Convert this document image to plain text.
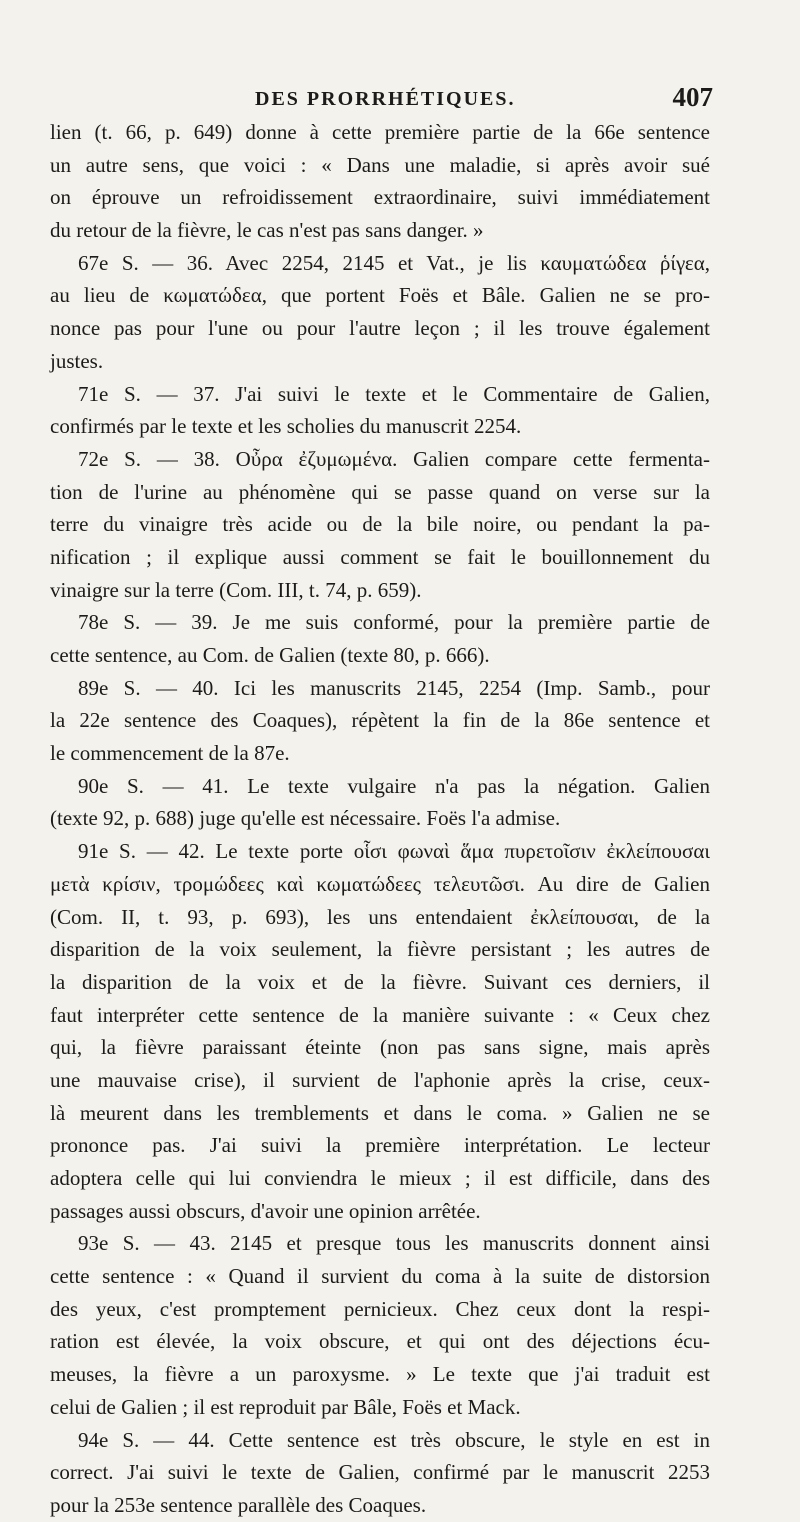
DES PRORRHÉTIQUES.	407
lien (t. 66, p. 649) donne à cette première partie de la 66e sentence
un autre sens, que voici : « Dans une maladie, si après avoir sué
on éprouve un refroidissement extraordinaire, suivi immédiatement
du retour de la fièvre, le cas n'est pas sans danger. »
67e S. — 36. Avec 2254, 2145 et Vat., je lis καυματώδεα ῥίγεα,
au lieu de κωματώδεα, que portent Foës et Bâle. Galien ne se pro-
nonce pas pour l'une ou pour l'autre leçon ; il les trouve également
justes.
71e S. — 37. J'ai suivi le texte et le Commentaire de Galien,
confirmés par le texte et les scholies du manuscrit 2254.
72e S. — 38. Οὖρα ἐζυμωμένα. Galien compare cette fermenta-
tion de l'urine au phénomène qui se passe quand on verse sur la
terre du vinaigre très acide ou de la bile noire, ou pendant la pa-
nification ; il explique aussi comment se fait le bouillonnement du
vinaigre sur la terre (Com. III, t. 74, p. 659).
78e S. — 39. Je me suis conformé, pour la première partie de
cette sentence, au Com. de Galien (texte 80, p. 666).
89e S. — 40. Ici les manuscrits 2145, 2254 (Imp. Samb., pour
la 22e sentence des Coaques), répètent la fin de la 86e sentence et
le commencement de la 87e.
90e S. — 41. Le texte vulgaire n'a pas la négation. Galien
(texte 92, p. 688) juge qu'elle est nécessaire. Foës l'a admise.
91e S. — 42. Le texte porte οἷσι φωναὶ ἅμα πυρετοῖσιν ἐκλείπουσαι
μετὰ κρίσιν, τρομώδεες καὶ κωματώδεες τελευτῶσι. Au dire de Galien
(Com. II, t. 93, p. 693), les uns entendaient ἐκλείπουσαι, de la
disparition de la voix seulement, la fièvre persistant ; les autres de
la disparition de la voix et de la fièvre. Suivant ces derniers, il
faut interpréter cette sentence de la manière suivante : « Ceux chez
qui, la fièvre paraissant éteinte (non pas sans signe, mais après
une mauvaise crise), il survient de l'aphonie après la crise, ceux-
là meurent dans les tremblements et dans le coma. » Galien ne se
prononce pas. J'ai suivi la première interprétation. Le lecteur
adoptera celle qui lui conviendra le mieux ; il est difficile, dans des
passages aussi obscurs, d'avoir une opinion arrêtée.
93e S. — 43. 2145 et presque tous les manuscrits donnent ainsi
cette sentence : « Quand il survient du coma à la suite de distorsion
des yeux, c'est promptement pernicieux. Chez ceux dont la respi-
ration est élevée, la voix obscure, et qui ont des déjections écu-
meuses, la fièvre a un paroxysme. » Le texte que j'ai traduit est
celui de Galien ; il est reproduit par Bâle, Foës et Mack.
94e S. — 44. Cette sentence est très obscure, le style en est in
correct. J'ai suivi le texte de Galien, confirmé par le manuscrit 2253
pour la 253e sentence parallèle des Coaques.
